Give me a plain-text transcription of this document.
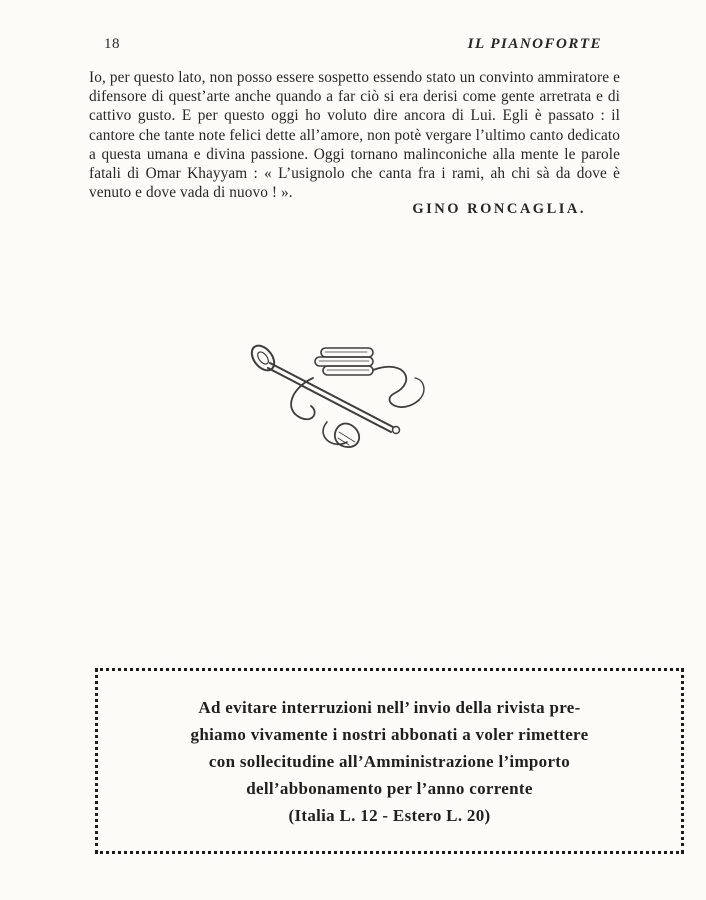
18	IL PIANOFORTE
Io, per questo lato, non posso essere sospetto essendo stato un convinto ammiratore e difensore di quest’arte anche quando a far ciò si era derisi come gente arretrata e di cattivo gusto. E per questo oggi ho voluto dire ancora di Lui. Egli è passato : il cantore che tante note felici dette all’amore, non potè vergare l’ultimo canto dedicato a questa umana e divina passione. Oggi tornano malinconiche alla mente le parole fatali di Omar Khayyam : « L’usignolo che canta fra i rami, ah chi sà da dove è venuto e dove vada di nuovo ! ».
GINO RONCAGLIA.
Ad evitare interruzioni nell’ invio della rivista pre-
ghiamo vivamente i nostri abbonati a voler rimettere
con sollecitudine all’Amministrazione l’importo
dell’abbonamento per l’anno corrente
(Italia L. 12 - Estero L. 20)
